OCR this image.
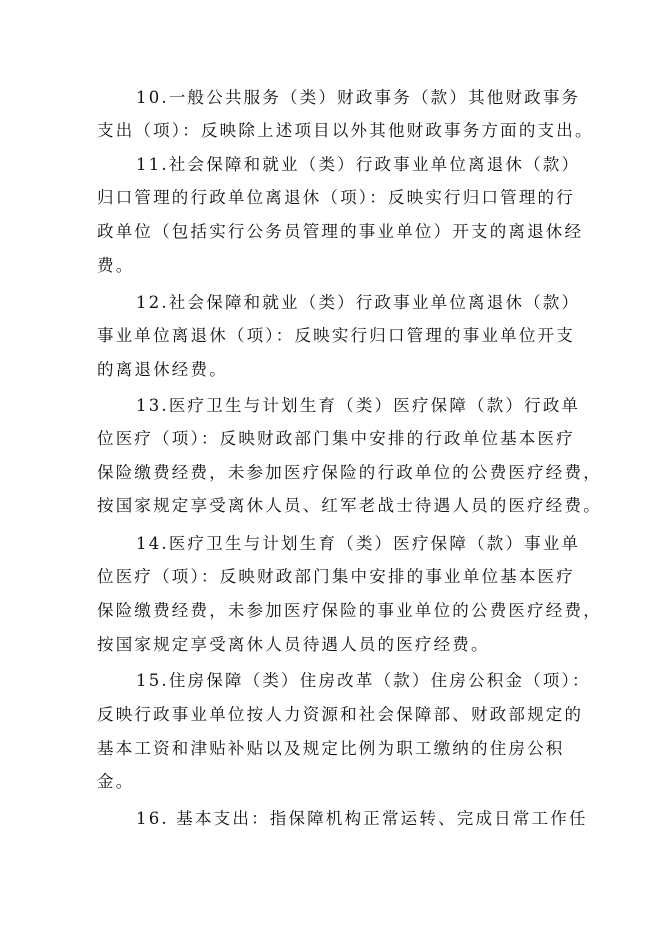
10.一般公共服务（类）财政事务（款）其他财政事务
支出（项）：反映除上述项目以外其他财政事务方面的支出。
11.社会保障和就业（类）行政事业单位离退休（款）
归口管理的行政单位离退休（项）：反映实行归口管理的行
政单位（包括实行公务员管理的事业单位）开支的离退休经
费。
12.社会保障和就业（类）行政事业单位离退休（款）
事业单位离退休（项）：反映实行归口管理的事业单位开支
的离退休经费。
13.医疗卫生与计划生育（类）医疗保障（款）行政单
位医疗（项）：反映财政部门集中安排的行政单位基本医疗
保险缴费经费，未参加医疗保险的行政单位的公费医疗经费，
按国家规定享受离休人员、红军老战士待遇人员的医疗经费。
14.医疗卫生与计划生育（类）医疗保障（款）事业单
位医疗（项）：反映财政部门集中安排的事业单位基本医疗
保险缴费经费，未参加医疗保险的事业单位的公费医疗经费，
按国家规定享受离休人员待遇人员的医疗经费。
15.住房保障（类）住房改革（款）住房公积金（项）：
反映行政事业单位按人力资源和社会保障部、财政部规定的
基本工资和津贴补贴以及规定比例为职工缴纳的住房公积
金。
16. 基本支出：指保障机构正常运转、完成日常工作任
